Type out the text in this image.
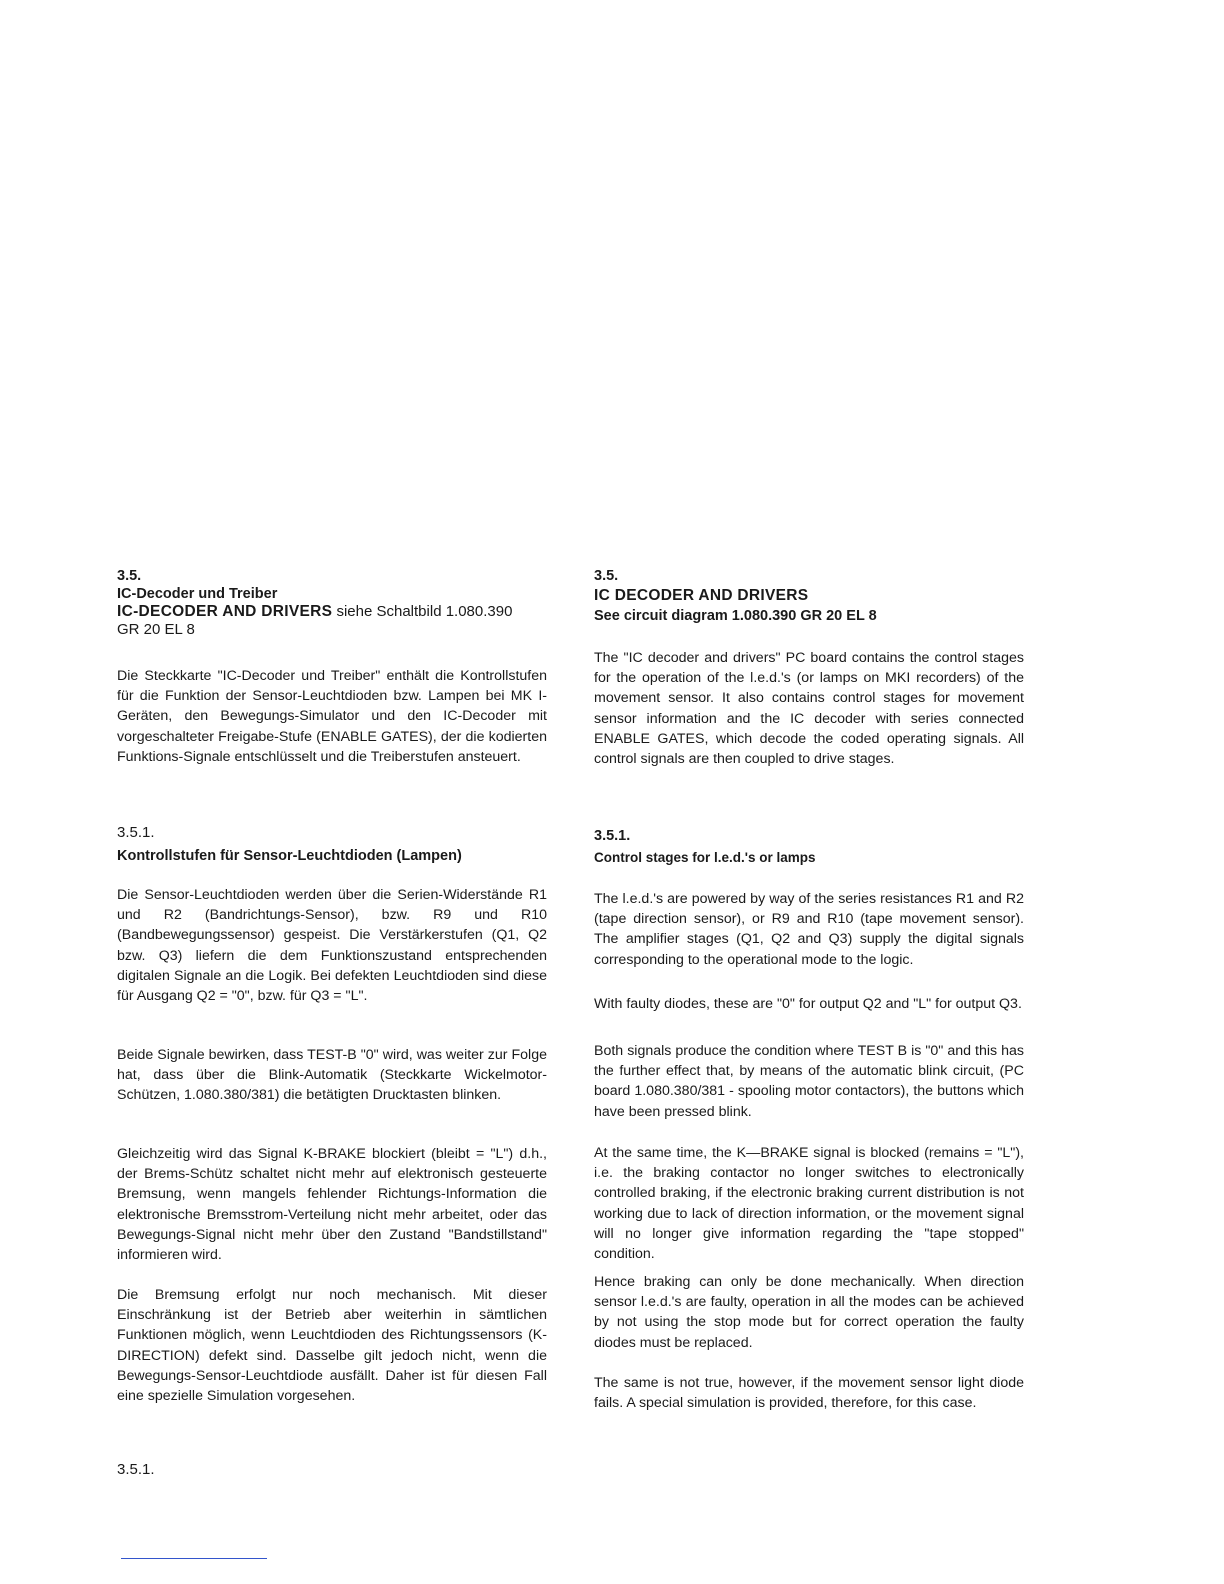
3.5.
IC-Decoder und Treiber
IC-DECODER AND DRIVERS siehe Schaltbild 1.080.390
GR 20 EL 8

Die Steckkarte "IC-Decoder und Treiber" enthält die Kontrollstufen für die Funktion der Sensor-Leuchtdioden bzw. Lampen bei MK I-Geräten, den Bewegungs-Simulator und den IC-Decoder mit vorgeschalteter Freigabe-Stufe (ENABLE GATES), der die kodierten Funktions-Signale entschlüsselt und die Treiberstufen ansteuert.

3.5.1.
Kontrollstufen für Sensor-Leuchtdioden (Lampen)

Die Sensor-Leuchtdioden werden über die Serien-Widerstände R1 und R2 (Bandrichtungs-Sensor), bzw. R9 und R10 (Bandbewegungssensor) gespeist. Die Verstärkerstufen (Q1, Q2 bzw. Q3) liefern die dem Funktionszustand entsprechenden digitalen Signale an die Logik. Bei defekten Leuchtdioden sind diese für Ausgang Q2 = "0", bzw. für Q3 = "L".

Beide Signale bewirken, dass TEST-B "0" wird, was weiter zur Folge hat, dass über die Blink-Automatik (Steckkarte Wickelmotor-Schützen, 1.080.380/381) die betätigten Drucktasten blinken.

Gleichzeitig wird das Signal K-BRAKE blockiert (bleibt = "L") d.h., der Brems-Schütz schaltet nicht mehr auf elektronisch gesteuerte Bremsung, wenn mangels fehlender Richtungs-Information die elektronische Bremsstrom-Verteilung nicht mehr arbeitet, oder das Bewegungs-Signal nicht mehr über den Zustand "Bandstillstand" informieren wird.

Die Bremsung erfolgt nur noch mechanisch. Mit dieser Einschränkung ist der Betrieb aber weiterhin in sämtlichen Funktionen möglich, wenn Leuchtdioden des Richtungssensors (K-DIRECTION) defekt sind. Dasselbe gilt jedoch nicht, wenn die Bewegungs-Sensor-Leuchtdiode ausfällt. Daher ist für diesen Fall eine spezielle Simulation vorgesehen.

3.5.
IC DECODER AND DRIVERS
See circuit diagram 1.080.390 GR 20 EL 8

The "IC decoder and drivers" PC board contains the control stages for the operation of the l.e.d.'s (or lamps on MKI recorders) of the movement sensor. It also contains control stages for movement sensor information and the IC decoder with series connected ENABLE GATES, which decode the coded operating signals. All control signals are then coupled to drive stages.

3.5.1.
Control stages for l.e.d.'s or lamps

The l.e.d.'s are powered by way of the series resistances R1 and R2 (tape direction sensor), or R9 and R10 (tape movement sensor). The amplifier stages (Q1, Q2 and Q3) supply the digital signals corresponding to the operational mode to the logic.

With faulty diodes, these are "0" for output Q2 and "L" for output Q3.

Both signals produce the condition where TEST B is "0" and this has the further effect that, by means of the automatic blink circuit, (PC board 1.080.380/381 - spooling motor contactors), the buttons which have been pressed blink.

At the same time, the K—BRAKE signal is blocked (remains = "L"), i.e. the braking contactor no longer switches to electronically controlled braking, if the electronic braking current distribution is not working due to lack of direction information, or the movement signal will no longer give information regarding the "tape stopped" condition.

Hence braking can only be done mechanically. When direction sensor l.e.d.'s are faulty, operation in all the modes can be achieved by not using the stop mode but for correct operation the faulty diodes must be replaced.

The same is not true, however, if the movement sensor light diode fails. A special simulation is provided, therefore, for this case.

3.5.1.
